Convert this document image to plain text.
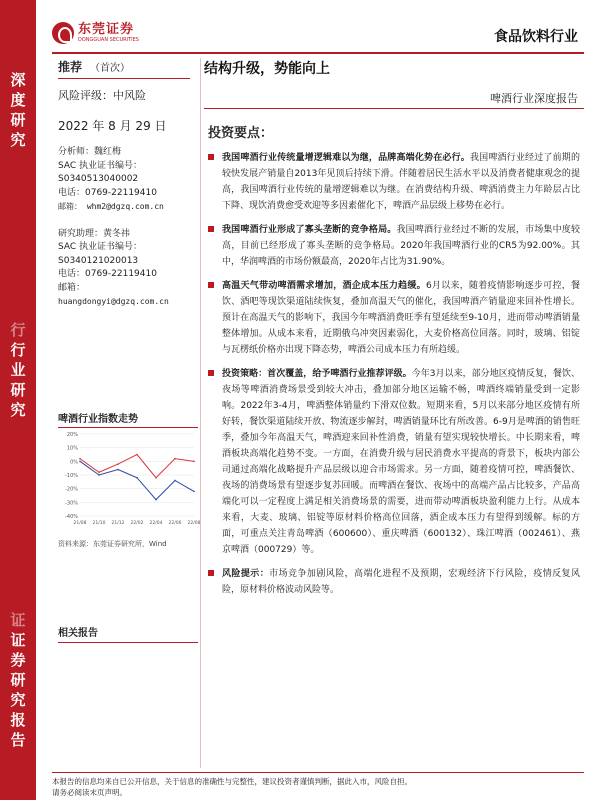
深
度
研
究
行
行
业
研
究
证
证
券
研
究
报
告
东莞证券
DONGGUAN SECURITIES	食品饮料行业
推荐 （首次）
风险评级：中风险
2022 年 8 月 29 日
分析师：魏红梅
SAC 执业证书编号：
S0340513040002
电话：0769-22119410
邮箱： whm2@dgzq.com.cn
研究助理：黄冬祎
SAC 执业证书编号：
S0340121020013
电话：0769-22119410
邮箱：
huangdongyi@dgzq.com.cn
啤酒行业指数走势
20%
10%
0%
-10%
-20%
-30%
-40%
21/08 21/10 21/12 22/02 22/04 22/06 22/08
资料来源：东莞证券研究所，Wind
相关报告
结构升级，势能向上
啤酒行业深度报告
投资要点：
我国啤酒行业传统量增逻辑难以为继，品牌高端化势在必行。我国啤酒行业经过了前期的较快发展产销量自2013年见顶后持续下滑。伴随着居民生活水平以及消费者健康观念的提高，我国啤酒行业传统的量增逻辑难以为继。在消费结构升级、啤酒消费主力年龄层占比下降、现饮消费愈受欢迎等多因素催化下，啤酒产品层级上移势在必行。
我国啤酒行业形成了寡头垄断的竞争格局。我国啤酒行业经过不断的发展，市场集中度较高，目前已经形成了寡头垄断的竞争格局。2020年我国啤酒行业的CR5为92.00%。其中，华润啤酒的市场份额最高，2020年占比为31.90%。
高温天气带动啤酒需求增加，酒企成本压力趋缓。6月以来，随着疫情影响逐步可控，餐饮、酒吧等现饮渠道陆续恢复，叠加高温天气的催化，我国啤酒产销量迎来回补性增长。预计在高温天气的影响下，我国今年啤酒消费旺季有望延续至9-10月，进而带动啤酒销量整体增加。从成本来看，近期俄乌冲突因素弱化，大麦价格高位回落。同时，玻璃、铝锭与瓦楞纸价格亦出现下降态势，啤酒公司成本压力有所趋缓。
投资策略：首次覆盖，给予啤酒行业推荐评级。今年3月以来，部分地区疫情反复，餐饮、夜场等啤酒消费场景受到较大冲击，叠加部分地区运输不畅，啤酒终端销量受到一定影响。2022年3-4月，啤酒整体销量约下滑双位数。短期来看，5月以来部分地区疫情有所好转，餐饮渠道陆续开放、物流逐步解封，啤酒销量环比有所改善。6-9月是啤酒的销售旺季，叠加今年高温天气，啤酒迎来回补性消费，销量有望实现较快增长。中长期来看，啤酒板块高端化趋势不变。一方面，在消费升级与居民消费水平提高的背景下，板块内部公司通过高端化战略提升产品层级以迎合市场需求。另一方面，随着疫情可控，啤酒餐饮、夜场的消费场景有望逐步复苏回暖。而啤酒在餐饮、夜场中的高端产品占比较多，产品高端化可以一定程度上满足相关消费场景的需要，进而带动啤酒板块盈利能力上行。从成本来看，大麦、玻璃、铝锭等原材料价格高位回落，酒企成本压力有望得到缓解。标的方面，可重点关注青岛啤酒（600600）、重庆啤酒（600132）、珠江啤酒（002461）、燕京啤酒（000729）等。
风险提示：市场竞争加剧风险，高端化进程不及预期，宏观经济下行风险，疫情反复风险，原材料价格波动风险等。
本报告的信息均来自已公开信息，关于信息的准确性与完整性，建议投资者谨慎判断，据此入市，风险自担。
请务必阅读末页声明。
